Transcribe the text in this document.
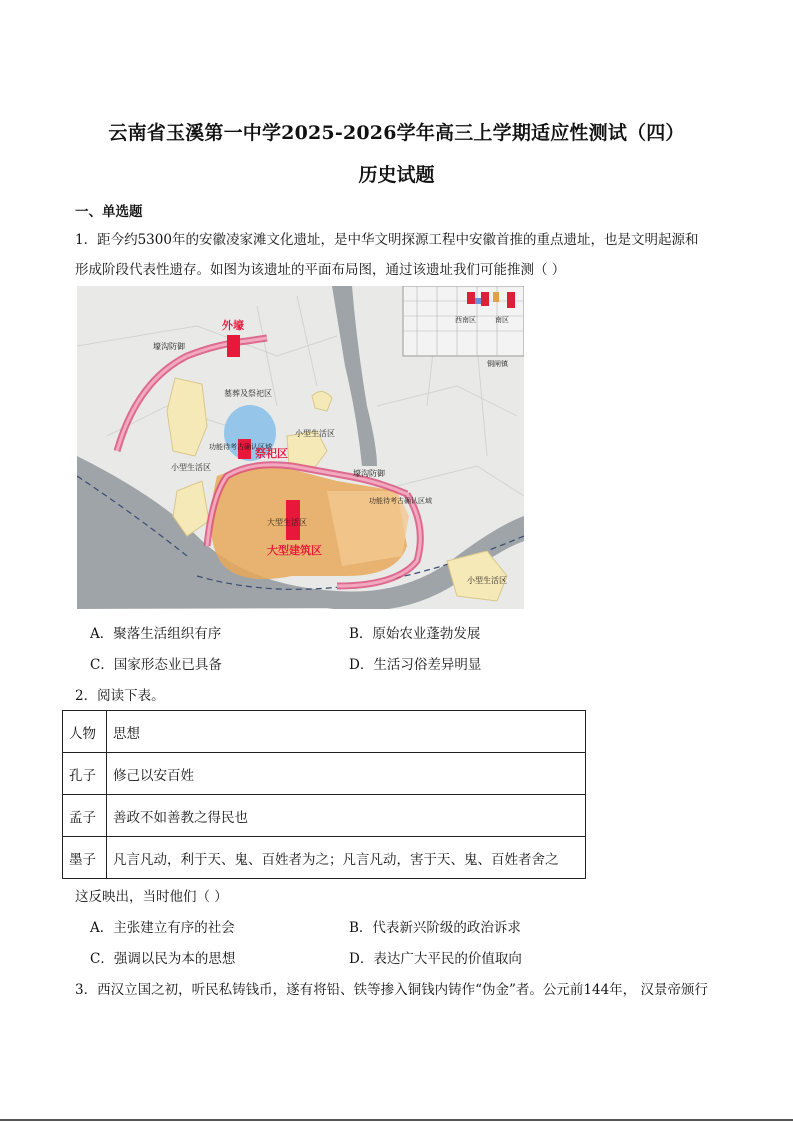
云南省玉溪第一中学2025-2026学年高三上学期适应性测试（四）
历史试题
一、单选题
1．距今约5300年的安徽凌家滩文化遗址，是中华文明探源工程中安徽首推的重点遗址，也是文明起源和
形成阶段代表性遗存。如图为该遗址的平面布局图，通过该遗址我们可能推测（ ）
外壕
壕沟防御
墓葬及祭祀区
功能待考古确认区域
祭祀区
小型生活区
小型生活区
壕沟防御
功能待考古确认区域
大型生活区
大型建筑区
小型生活区
西南区	南区
铜闸镇
A．聚落生活组织有序	B．原始农业蓬勃发展
C．国家形态业已具备	D．生活习俗差异明显
2．阅读下表。
人物	思想
孔子	修己以安百姓
孟子	善政不如善教之得民也
墨子	凡言凡动，利于天、鬼、百姓者为之；凡言凡动，害于天、鬼、百姓者舍之
这反映出，当时他们（ ）
A．主张建立有序的社会	B．代表新兴阶级的政治诉求
C．强调以民为本的思想	D．表达广大平民的价值取向
3．西汉立国之初，听民私铸钱币，遂有将铅、铁等掺入铜钱内铸作“伪金”者。公元前144年， 汉景帝颁行
